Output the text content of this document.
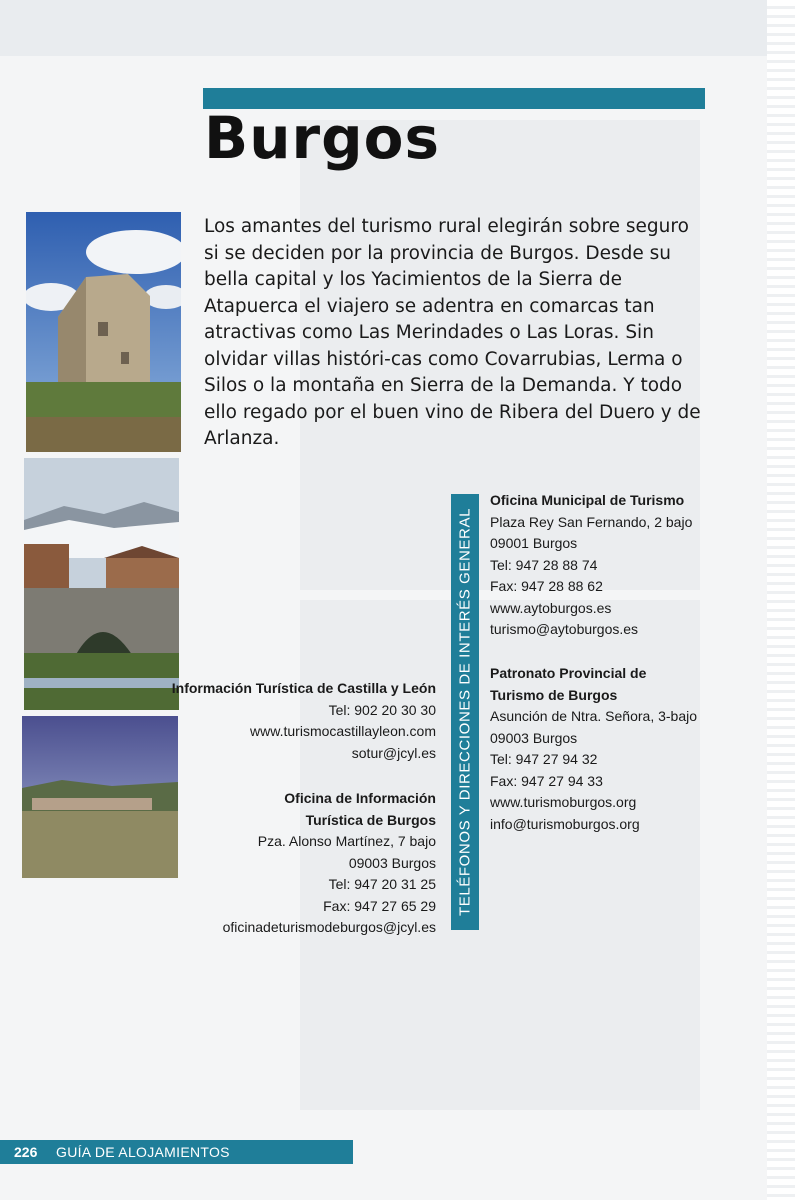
Burgos

Los amantes del turismo rural elegirán sobre seguro si se deciden por la provincia de Burgos. Desde su bella capital y los Yacimientos de la Sierra de Atapuerca el viajero se adentra en comarcas tan atractivas como Las Merindades o Las Loras. Sin olvidar villas históri-cas como Covarrubias, Lerma o Silos o la montaña en Sierra de la Demanda. Y todo ello regado por el buen vino de Ribera del Duero y de Arlanza.

TELÉFONOS Y DIRECCIONES DE INTERÉS GENERAL
Información Turística de Castilla y León
Tel: 902 20 30 30
www.turismocastillayleon.com
sotur@jcyl.es
Oficina de Información
Turística de Burgos
Pza. Alonso Martínez, 7 bajo
09003 Burgos
Tel: 947 20 31 25
Fax: 947 27 65 29
oficinadeturismodeburgos@jcyl.es
Oficina Municipal de Turismo
Plaza Rey San Fernando, 2 bajo
09001 Burgos
Tel: 947 28 88 74
Fax: 947 28 88 62
www.aytoburgos.es
turismo@aytoburgos.es
Patronato Provincial de
Turismo de Burgos
Asunción de Ntra. Señora, 3-bajo
09003 Burgos
Tel: 947 27 94 32
Fax: 947 27 94 33
www.turismoburgos.org
info@turismoburgos.org
226 GUÍA DE ALOJAMIENTOS
